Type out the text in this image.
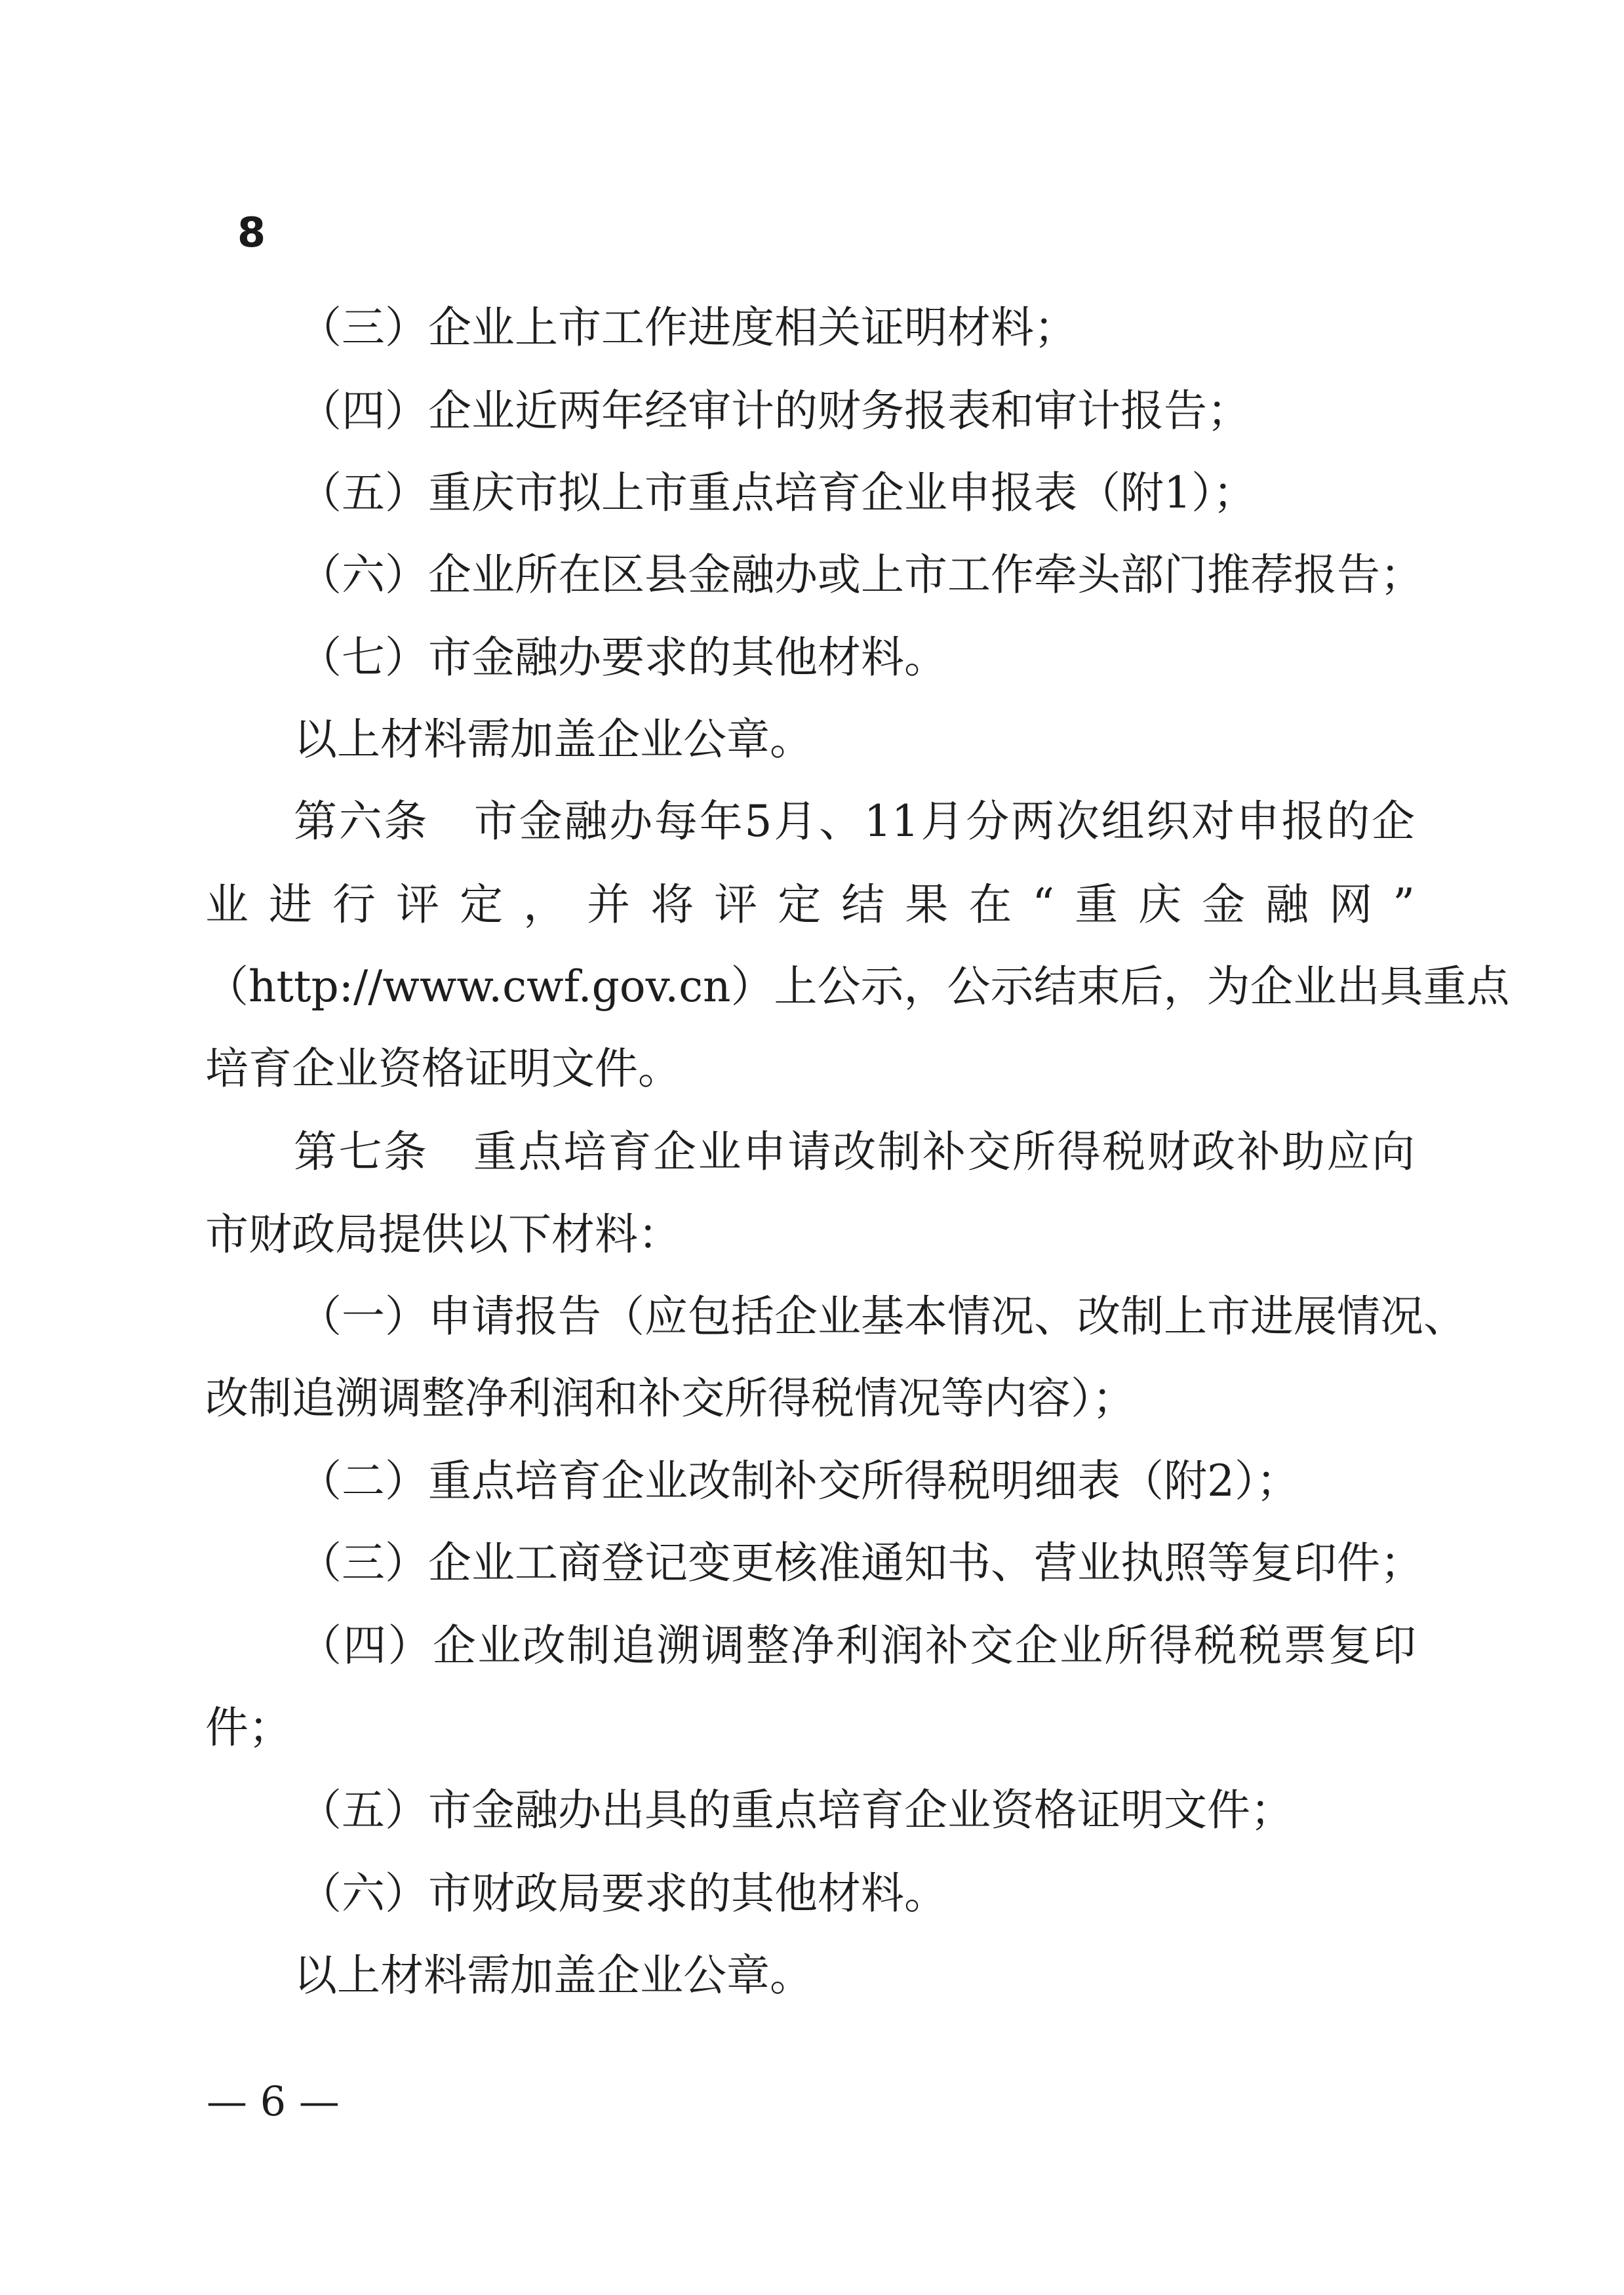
8
（三）企业上市工作进度相关证明材料；
（四）企业近两年经审计的财务报表和审计报告；
（五）重庆市拟上市重点培育企业申报表（附1）；
（六）企业所在区县金融办或上市工作牵头部门推荐报告；
（七）市金融办要求的其他材料。
以上材料需加盖企业公章。
第六条　市金融办每年5月、11月分两次组织对申报的企
业进行评定，并将评定结果在“重庆金融网”
（http://www.cwf.gov.cn）上公示，公示结束后，为企业出具重点
培育企业资格证明文件。
第七条　重点培育企业申请改制补交所得税财政补助应向
市财政局提供以下材料：
（一）申请报告（应包括企业基本情况、改制上市进展情况、
改制追溯调整净利润和补交所得税情况等内容）；
（二）重点培育企业改制补交所得税明细表（附2）；
（三）企业工商登记变更核准通知书、营业执照等复印件；
（四）企业改制追溯调整净利润补交企业所得税税票复印
件；
（五）市金融办出具的重点培育企业资格证明文件；
（六）市财政局要求的其他材料。
以上材料需加盖企业公章。
— 6 —
